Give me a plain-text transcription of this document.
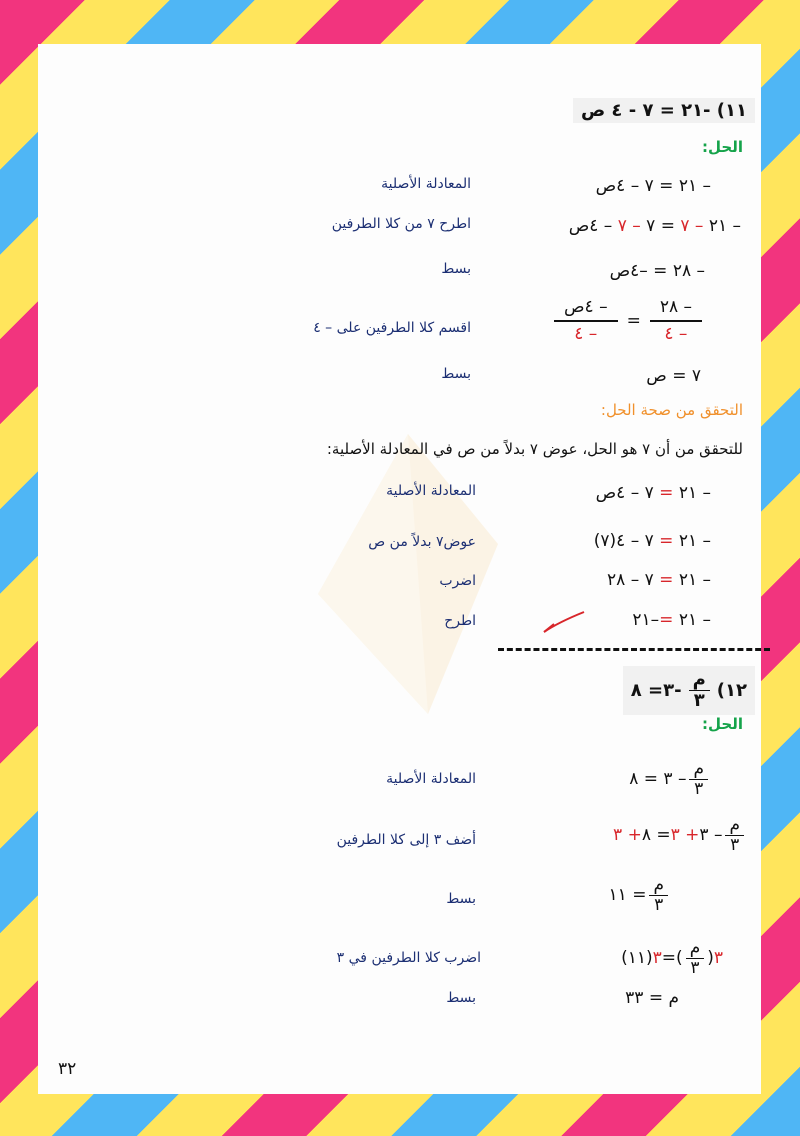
١١) -٢١ = ٧ - ٤ ص
الحل:
– ٢١ = ٧ – ٤ص
المعادلة الأصلية
– ٢١ – ٧ = ٧ – ٧ – ٤ص
اطرح ٧ من كلا الطرفين
– ٢٨ = –٤ص
بسط
$\frac{- ٢٨}{- ٤}$
=
$\frac{\text{– ٤ص}}{- ٤}$
اقسم كلا الطرفين على – ٤
٧ = ص
بسط
التحقق من صحة الحل:
للتحقق من أن ٧ هو الحل، عوض ٧ بدلاً من ص في المعادلة الأصلية:
– ٢١ = ٧ – ٤ص
المعادلة الأصلية
– ٢١ = ٧ – ٤(٧)
عوض٧ بدلاً من ص
– ٢١ = ٧ – ٢٨
اضرب
– ٢١ =–٢١
اطرح
١٢)
$\frac{\text{م}}{٣}$
-٣= ٨
الحل:
$\frac{\text{م}}{٣}$
– ٣ = ٨
المعادلة الأصلية
$\frac{\text{م}}{٣}$
– ٣
+ ٣
= ٨
+ ٣
أضف ٣ إلى كلا الطرفين
$\frac{\text{م}}{٣}$
= ١١
بسط
٣
(
$\frac{\text{م}}{٣}$
)
=
٣
(١١)
اضرب كلا الطرفين في ٣
م = ٣٣
بسط
٣٢
